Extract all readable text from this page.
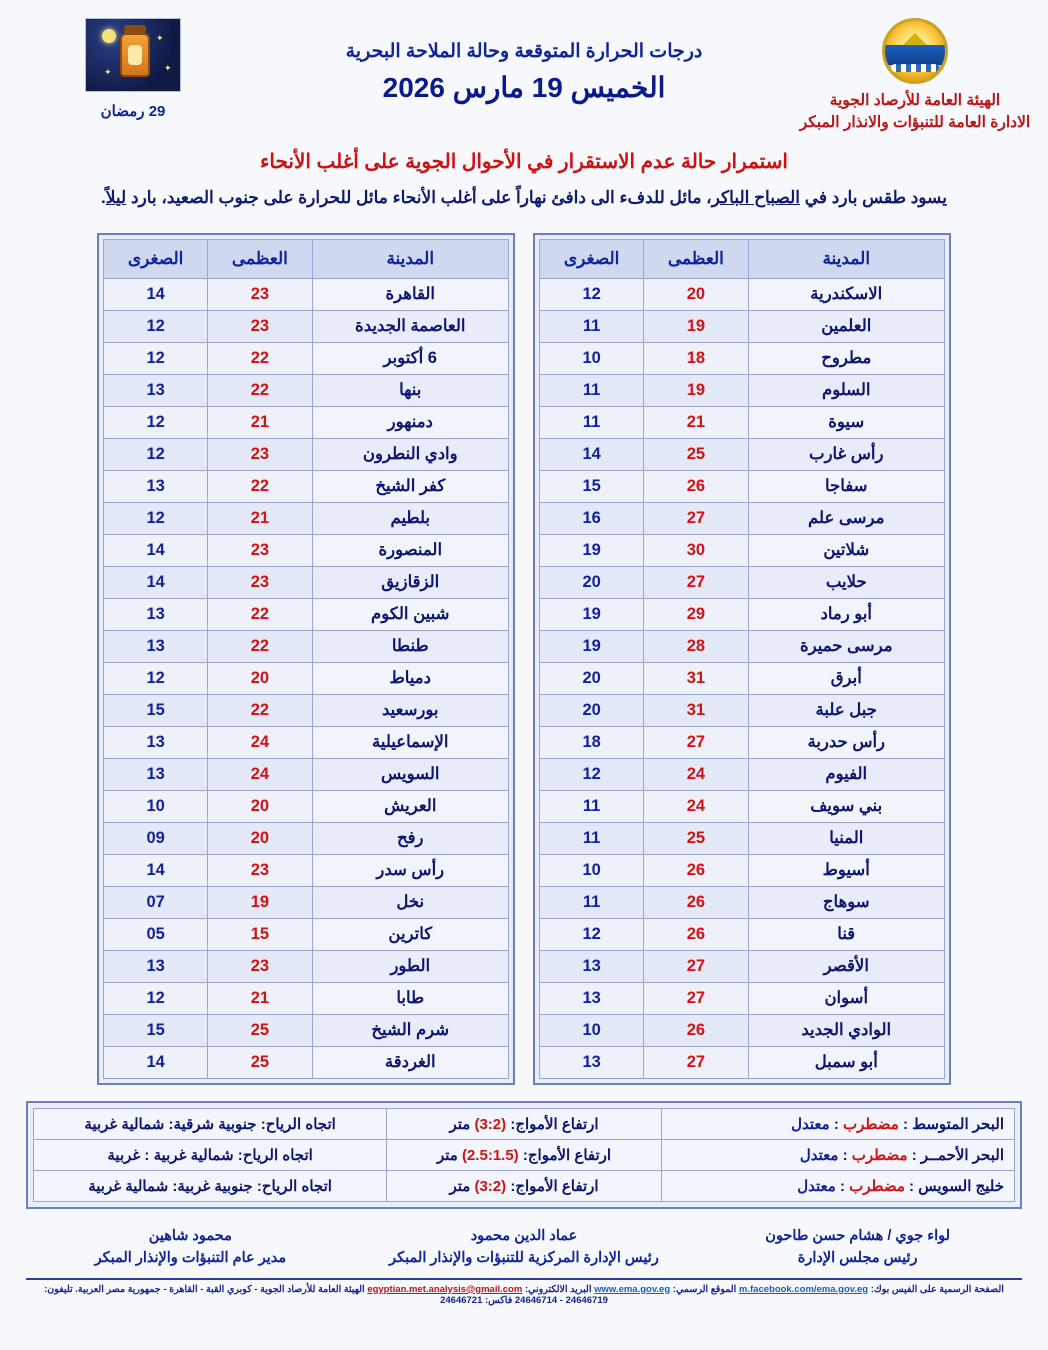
الهيئة العامة للأرصاد الجوية
الادارة العامة للتنبؤات والانذار المبكر
درجات الحرارة المتوقعة وحالة الملاحة البحرية
الخميس 19 مارس 2026
✦
✦	✦
29 رمضان
استمرار حالة عدم الاستقرار في الأحوال الجوية على أغلب الأنحاء
يسود طقس بارد في الصباح الباكر، مائل للدفء الى دافئ نهاراً على أغلب الأنحاء مائل للحرارة على جنوب الصعيد، بارد ليلاً.
المدينة	العظمى	الصغرى
الاسكندرية	20	12
العلمين	19	11
مطروح	18	10
السلوم	19	11
سيوة	21	11
رأس غارب	25	14
سفاجا	26	15
مرسى علم	27	16
شلاتين	30	19
حلايب	27	20
أبو رماد	29	19
مرسى حميرة	28	19
أبرق	31	20
جبل علبة	31	20
رأس حدربة	27	18
الفيوم	24	12
بني سويف	24	11
المنيا	25	11
أسيوط	26	10
سوهاج	26	11
قنا	26	12
الأقصر	27	13
أسوان	27	13
الوادي الجديد	26	10
أبو سمبل	27	13
المدينة	العظمى	الصغرى
القاهرة	23	14
العاصمة الجديدة	23	12
6 أكتوبر	22	12
بنها	22	13
دمنهور	21	12
وادي النطرون	23	12
كفر الشيخ	22	13
بلطيم	21	12
المنصورة	23	14
الزقازيق	23	14
شبين الكوم	22	13
طنطا	22	13
دمياط	20	12
بورسعيد	22	15
الإسماعيلية	24	13
السويس	24	13
العريش	20	10
رفح	20	09
رأس سدر	23	14
نخل	19	07
كاترين	15	05
الطور	23	13
طابا	21	12
شرم الشيخ	25	15
الغردقة	25	14
البحر المتوسط : مضطرب : معتدل	ارتفاع الأمواج: (3:2) متر	اتجاه الرياح: جنوبية شرقية: شمالية غربية
البحر الأحمــر : مضطرب : معتدل	ارتفاع الأمواج: (2.5:1.5) متر	اتجاه الرياح: شمالية غربية : غربية
خليج السويس : مضطرب : معتدل	ارتفاع الأمواج: (3:2) متر	اتجاه الرياح: جنوبية غربية: شمالية غربية
لواء جوي / هشام حسن طاحون
رئيس مجلس الإدارة
عماد الدين محمود
رئيس الإدارة المركزية للتنبؤات والإنذار المبكر
محمود شاهين
مدير عام التنبؤات والإنذار المبكر
الصفحة الرسمية على الفيس بوك: m.facebook.com/ema.gov.eg الموقع الرسمي: www.ema.gov.eg البريد الالكتروني: egyptian.met.analysis@gmail.com الهيئة العامة للأرصاد الجوية - كوبري القبة - القاهرة - جمهورية مصر العربية. تليفون: 24646719 - 24646714 فاكس: 24646721
